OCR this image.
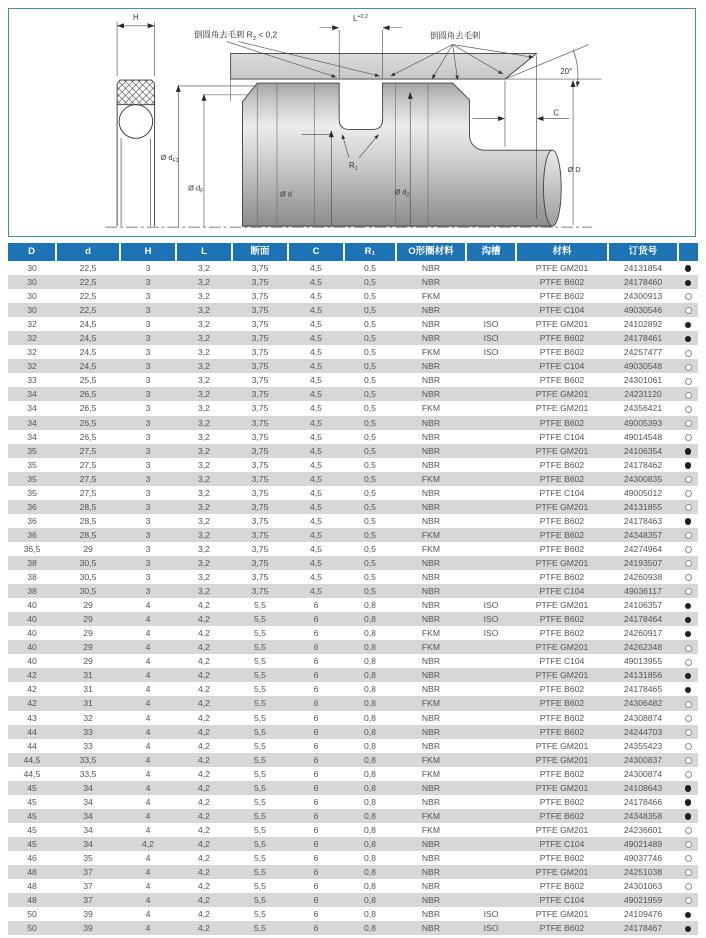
20°
H	$L^{+0,2}$
倒圆角去毛刺 $R_2 < 0,2$	倒圆角去毛刺
C
$R_1$
Ø $d_{F1}$
Ø $d_F$	Ø d	Ø $d_2$
Ø D
D	d	H	L	断面	C	R₁	O形圈材料	沟槽	材料	订货号	
30	22,5	3	3,2	3,75	4,5	0,5	NBR		PTFE GM201	24131854	
30	22,5	3	3,2	3,75	4,5	0,5	NBR		PTFE B602	24178460	
30	22,5	3	3,2	3,75	4,5	0,5	FKM		PTFE B602	24300913	
30	22,5	3	3,2	3,75	4,5	0,5	NBR		PTFE C104	49030546	
32	24,5	3	3,2	3,75	4,5	0,5	NBR	ISO	PTFE GM201	24102892	
32	24,5	3	3,2	3,75	4,5	0,5	NBR	ISO	PTFE B602	24178461	
32	24,5	3	3,2	3,75	4,5	0,5	FKM	ISO	PTFE B602	24257477	
32	24,5	3	3,2	3,75	4,5	0,5	NBR		PTFE C104	49030548	
33	25,5	3	3,2	3,75	4,5	0,5	NBR		PTFE B602	24301061	
34	26,5	3	3,2	3,75	4,5	0,5	NBR		PTFE GM201	24231120	
34	26,5	3	3,2	3,75	4,5	0,5	FKM		PTFE GM201	24356421	
34	26,5	3	3,2	3,75	4,5	0,5	NBR		PTFE B602	49005393	
34	26,5	3	3,2	3,75	4,5	0,5	NBR		PTFE C104	49014548	
35	27,5	3	3,2	3,75	4,5	0,5	NBR		PTFE GM201	24106354	
35	27,5	3	3,2	3,75	4,5	0,5	NBR		PTFE B602	24178462	
35	27,5	3	3,2	3,75	4,5	0,5	FKM		PTFE B602	24300835	
35	27,5	3	3,2	3,75	4,5	0,5	NBR		PTFE C104	49005012	
36	28,5	3	3,2	3,75	4,5	0,5	NBR		PTFE GM201	24131855	
36	28,5	3	3,2	3,75	4,5	0,5	NBR		PTFE B602	24178463	
36	28,5	3	3,2	3,75	4,5	0,5	FKM		PTFE B602	24348357	
36,5	29	3	3,2	3,75	4,5	0,5	FKM		PTFE B602	24274964	
38	30,5	3	3,2	3,75	4,5	0,5	NBR		PTFE GM201	24193507	
38	30,5	3	3,2	3,75	4,5	0,5	NBR		PTFE B602	24260938	
38	30,5	3	3,2	3,75	4,5	0,5	NBR		PTFE C104	49036117	
40	29	4	4,2	5,5	6	0,8	NBR	ISO	PTFE GM201	24106357	
40	29	4	4,2	5,5	6	0,8	NBR	ISO	PTFE B602	24178464	
40	29	4	4,2	5,5	6	0,8	FKM	ISO	PTFE B602	24260917	
40	29	4	4,2	5,5	6	0,8	FKM		PTFE GM201	24262348	
40	29	4	4,2	5,5	6	0,8	NBR		PTFE C104	49013955	
42	31	4	4,2	5,5	6	0,8	NBR		PTFE GM201	24131856	
42	31	4	4,2	5,5	6	0,8	NBR		PTFE B602	24178465	
42	31	4	4,2	5,5	6	0,8	FKM		PTFE B602	24306482	
43	32	4	4,2	5,5	6	0,8	NBR		PTFE B602	24308874	
44	33	4	4,2	5,5	6	0,8	NBR		PTFE B602	24244703	
44	33	4	4,2	5,5	6	0,8	NBR		PTFE GM201	24355423	
44,5	33,5	4	4,2	5,5	6	0,8	FKM		PTFE GM201	24300837	
44,5	33,5	4	4,2	5,5	6	0,8	FKM		PTFE B602	24300874	
45	34	4	4,2	5,5	6	0,8	NBR		PTFE GM201	24108643	
45	34	4	4,2	5,5	6	0,8	NBR		PTFE B602	24178466	
45	34	4	4,2	5,5	6	0,8	FKM		PTFE B602	24348358	
45	34	4	4,2	5,5	6	0,8	FKM		PTFE GM201	24236601	
45	34	4,2	4,2	5,5	6	0,8	NBR		PTFE C104	49021489	
46	35	4	4,2	5,5	6	0,8	NBR		PTFE B602	49037746	
48	37	4	4,2	5,5	6	0,8	NBR		PTFE GM201	24251038	
48	37	4	4,2	5,5	6	0,8	NBR		PTFE B602	24301063	
48	37	4	4,2	5,5	6	0,8	NBR		PTFE C104	49021959	
50	39	4	4,2	5,5	6	0,8	NBR	ISO	PTFE GM201	24109476	
50	39	4	4,2	5,5	6	0,8	NBR	ISO	PTFE B602	24178467	
